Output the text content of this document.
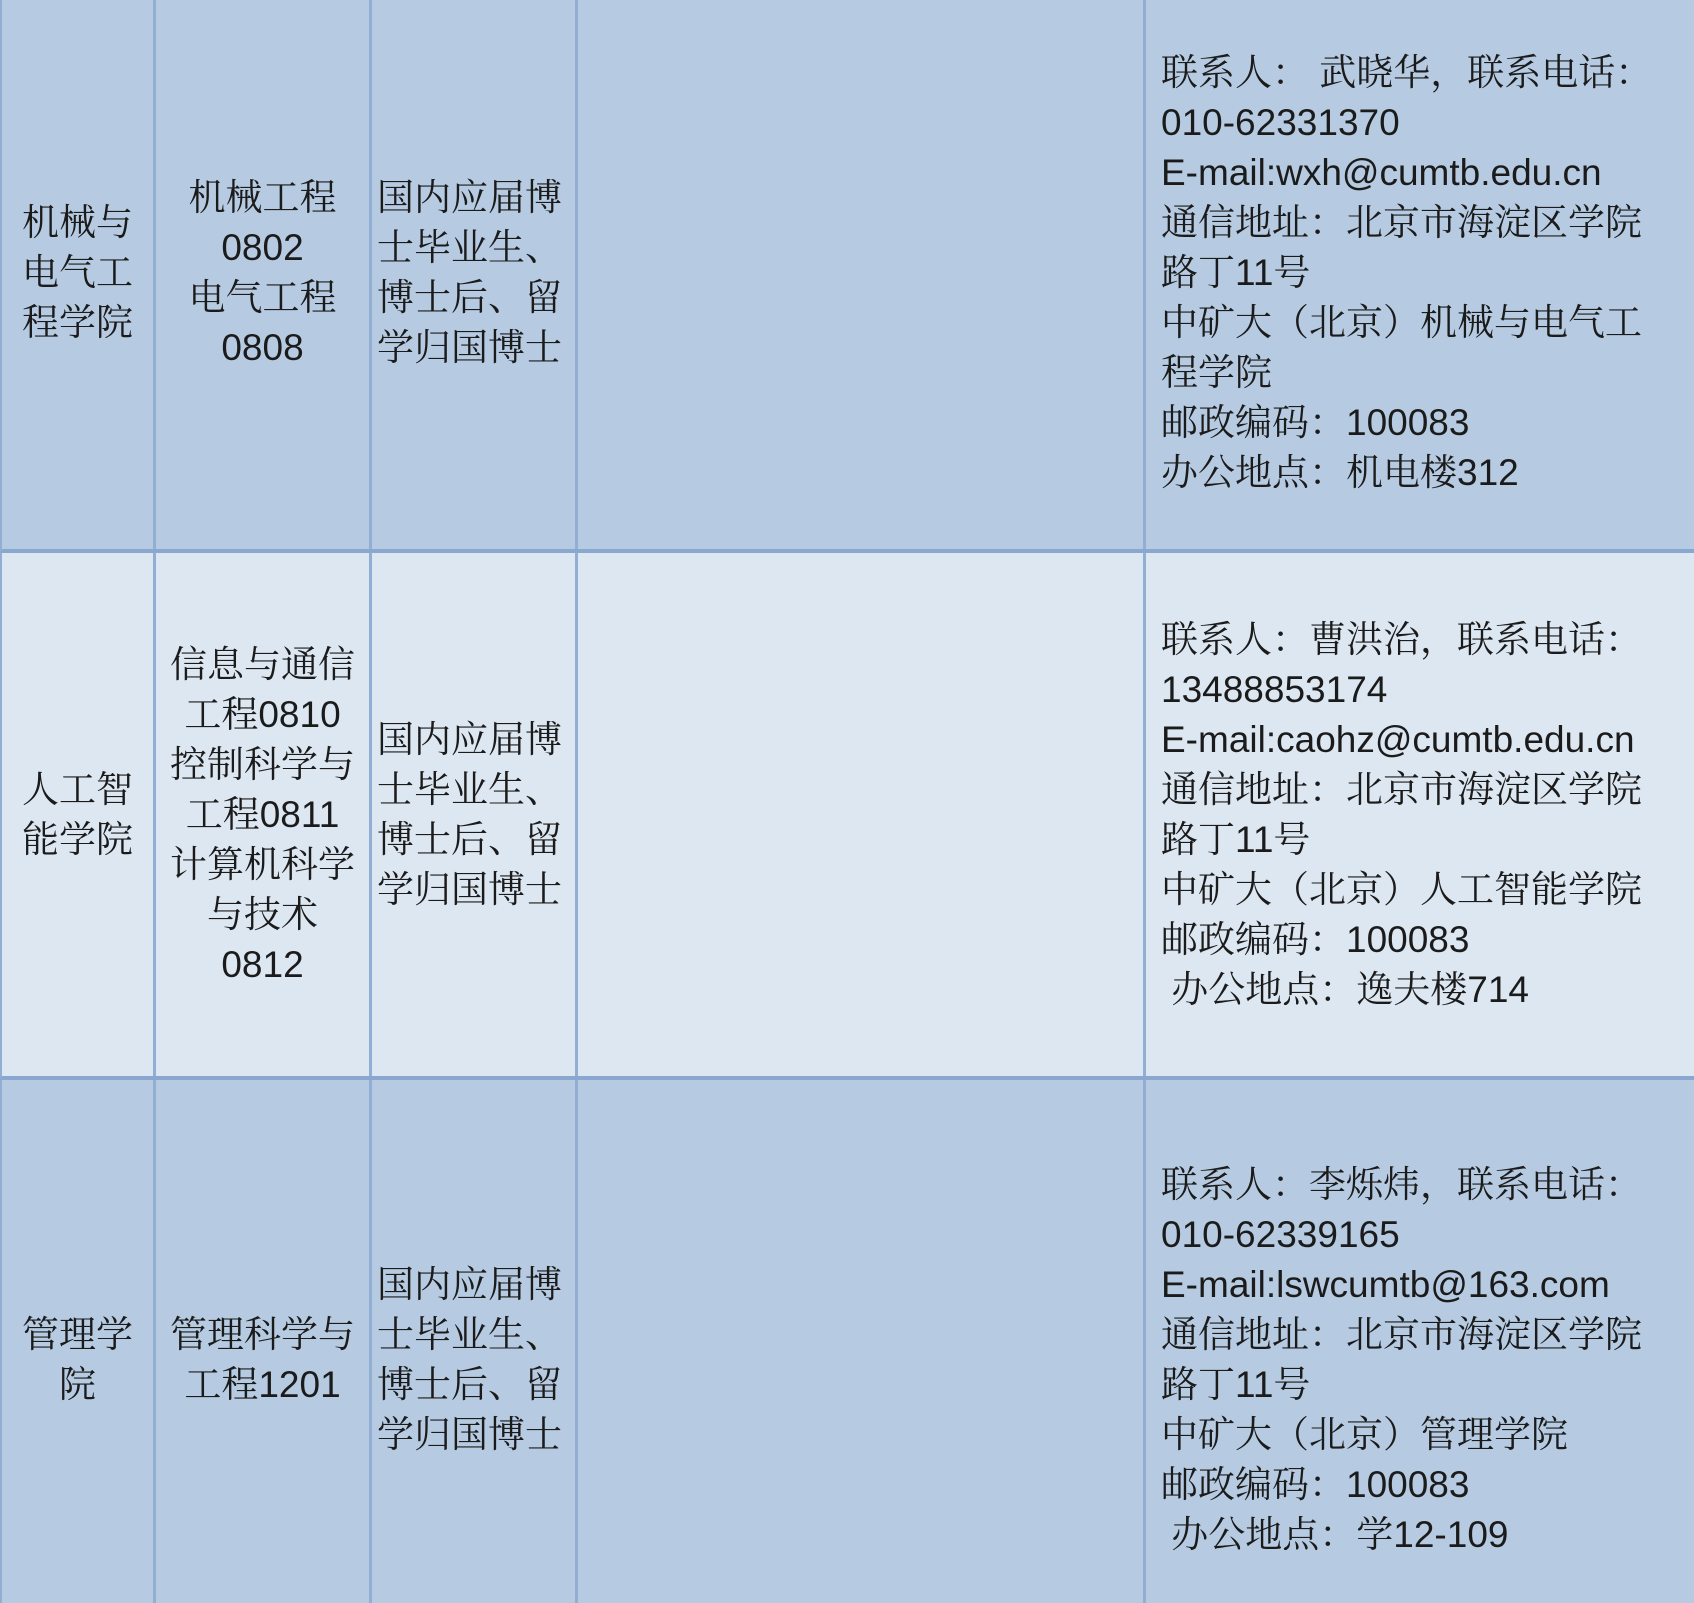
机械与
电气工
程学院
机械工程
0802
电气工程
0808
国内应届博
士毕业生、
博士后、留
学归国博士
联系人： 武晓华，联系电话：
010-62331370
E-mail:wxh@cumtb.edu.cn
通信地址：北京市海淀区学院
路丁11号
中矿大（北京）机械与电气工
程学院
邮政编码：100083
办公地点：机电楼312
人工智
能学院
信息与通信
工程0810
控制科学与
工程0811
计算机科学
与技术
0812
国内应届博
士毕业生、
博士后、留
学归国博士
联系人：曹洪治，联系电话：
13488853174
E-mail:caohz@cumtb.edu.cn
通信地址：北京市海淀区学院
路丁11号
中矿大（北京）人工智能学院
邮政编码：100083
办公地点：逸夫楼714
管理学
院
管理科学与
工程1201
国内应届博
士毕业生、
博士后、留
学归国博士
联系人：李烁炜，联系电话：
010-62339165
E-mail:lswcumtb@163.com
通信地址：北京市海淀区学院
路丁11号
中矿大（北京）管理学院
邮政编码：100083
办公地点：学12-109
